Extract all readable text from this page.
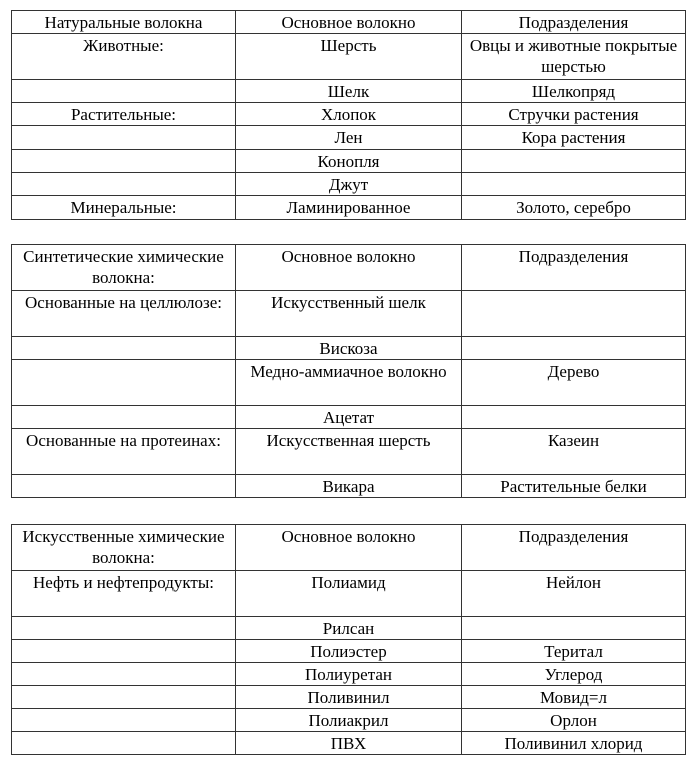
Натуральные волокна	Основное волокно	Подразделения
Животные:	Шерсть	Овцы и животные покрытые шерстью
	Шелк	Шелкопряд
Растительные:	Хлопок	Стручки растения
	Лен	Кора растения
	Конопля	
	Джут	
Минеральные:	Ламинированное	Золото, серебро
Синтетические химические волокна:	Основное волокно	Подразделения
Основанные на целлюлозе:	Искусственный шелк	
	Вискоза	
	Медно-аммиачное волокно	Дерево
	Ацетат	
Основанные на протеинах:	Искусственная шерсть	Казеин
	Викара	Растительные белки
Искусственные химические волокна:	Основное волокно	Подразделения
Нефть и нефтепродукты:	Полиамид	Нейлон
	Рилсан	
	Полиэстер	Теритал
	Полиуретан	Углерод
	Поливинил	Мовид=л
	Полиакрил	Орлон
	ПВХ	Поливинил хлорид
